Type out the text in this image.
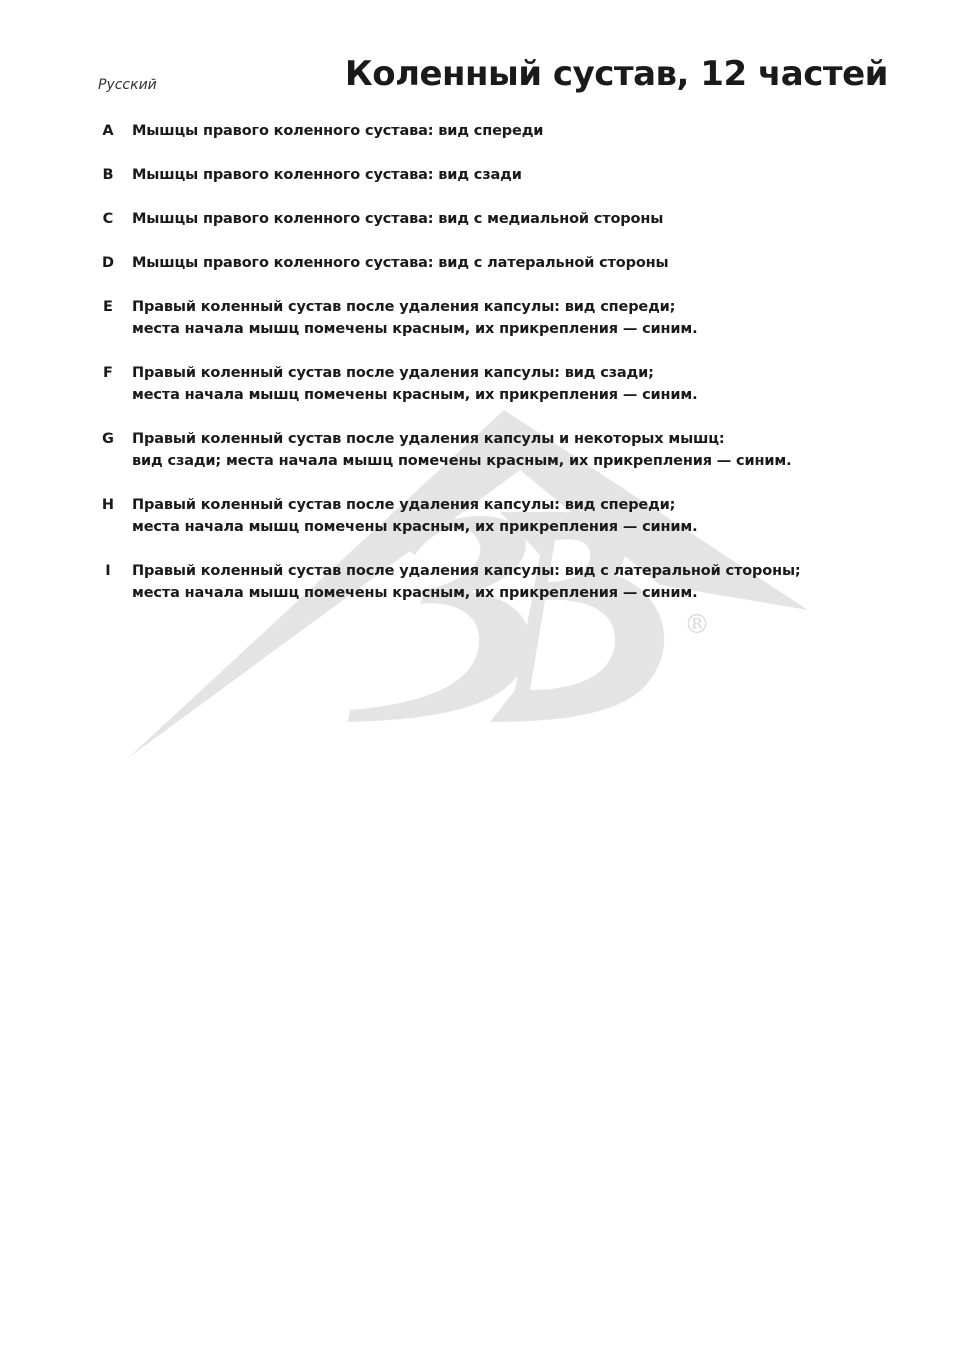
®
Русский	Коленный сустав, 12 частей
A	Мышцы правого коленного сустава: вид спереди
B	Мышцы правого коленного сустава: вид сзади
C	Мышцы правого коленного сустава: вид с медиальной стороны
D Мышцы правого коленного сустава: вид с латеральной стороны
E	Правый коленный сустав после удаления капсулы: вид спереди;
места начала мышц помечены красным, их прикрепления — синим.
F	Правый коленный сустав после удаления капсулы: вид сзади;
места начала мышц помечены красным, их прикрепления — синим.
G Правый коленный сустав после удаления капсулы и некоторых мышц:
вид сзади; места начала мышц помечены красным, их прикрепления — синим.
H Правый коленный сустав после удаления капсулы: вид спереди;
места начала мышц помечены красным, их прикрепления — синим.
I	Правый коленный сустав после удаления капсулы: вид с латеральной стороны;
места начала мышц помечены красным, их прикрепления — синим.
